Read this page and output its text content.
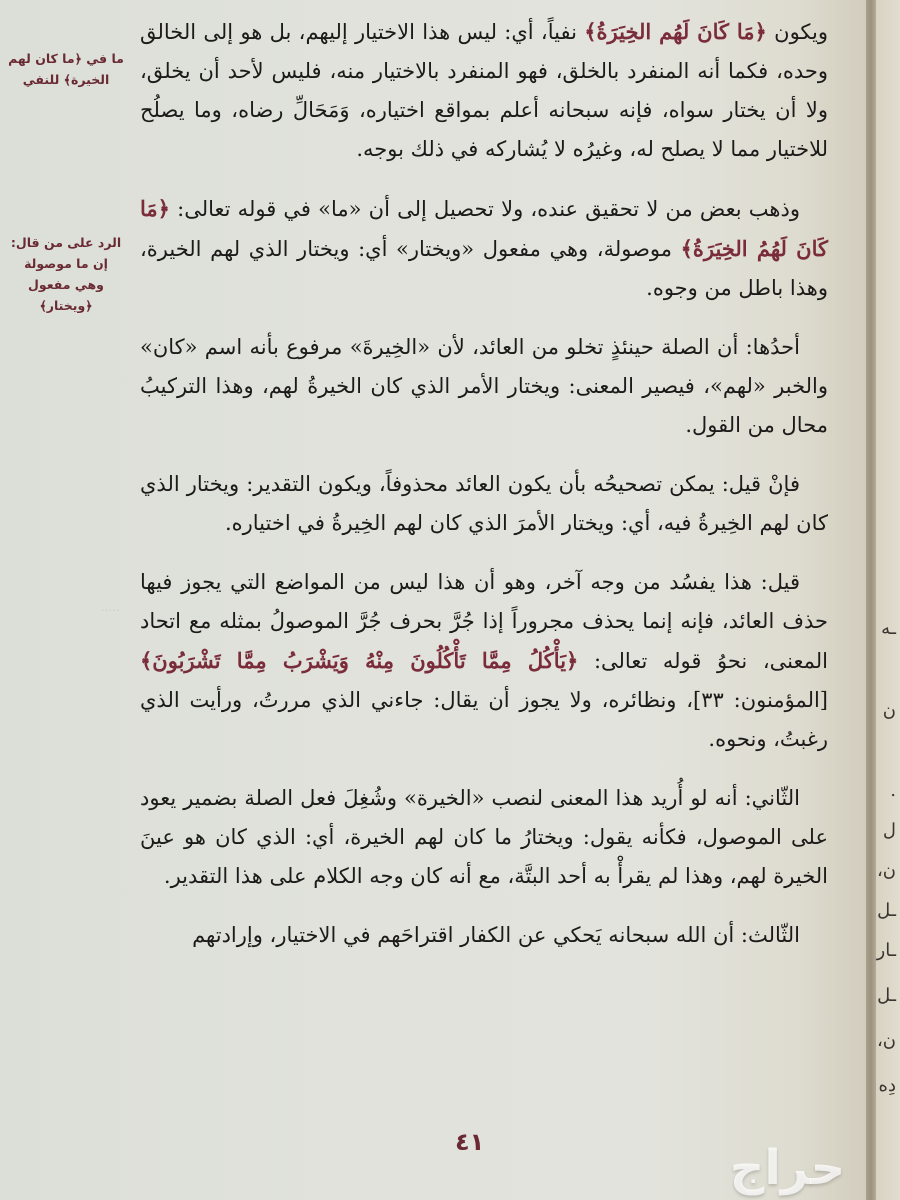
.....
ما في ﴿ما كان لهم الخيرة﴾ للنفي
الرد على من قال: إن ما موصولة وهي مفعول ﴿ويختار﴾

ويكون ﴿مَا كَانَ لَهُم الخِيَرَةُ﴾ نفياً، أي: ليس هذا الاختيار إليهم، بل هو إلى الخالق وحده، فكما أنه المنفرد بالخلق، فهو المنفرد بالاختيار منه، فليس لأحد أن يخلق، ولا أن يختار سواه، فإنه سبحانه أعلم بمواقع اختياره، وَمَحَالِّ رضاه، وما يصلُح للاختيار مما لا يصلح له، وغيرُه لا يُشاركه في ذلك بوجه.

وذهب بعض من لا تحقيق عنده، ولا تحصيل إلى أن «ما» في قوله تعالى: ﴿مَا كَانَ لَهُمُ الخِيَرَةُ﴾ موصولة، وهي مفعول «ويختار» أي: ويختار الذي لهم الخيرة، وهذا باطل من وجوه.

أحدُها: أن الصلة حينئذٍ تخلو من العائد، لأن «الخِيرةَ» مرفوع بأنه اسم «كان» والخبر «لهم»، فيصير المعنى: ويختار الأمر الذي كان الخيرةُ لهم، وهذا التركيبُ محال من القول.

فإنْ قيل: يمكن تصحيحُه بأن يكون العائد محذوفاً، ويكون التقدير: ويختار الذي كان لهم الخِيرةُ فيه، أي: ويختار الأمرَ الذي كان لهم الخِيرةُ في اختياره.

قيل: هذا يفسُد من وجه آخر، وهو أن هذا ليس من المواضع التي يجوز فيها حذف العائد، فإنه إنما يحذف مجروراً إذا جُرَّ بحرف جُرَّ الموصولُ بمثله مع اتحاد المعنى، نحوُ قوله تعالى: ﴿يَأْكُلُ مِمَّا تَأْكُلُونَ مِنْهُ وَيَشْرَبُ مِمَّا تَشْرَبُونَ﴾ [المؤمنون: ٣٣]، ونظائره، ولا يجوز أن يقال: جاءني الذي مررتُ، ورأيت الذي رغبتُ، ونحوه.

الثّاني: أنه لو أُريد هذا المعنى لنصب «الخيرة» وشُغِلَ فعل الصلة بضمير يعود على الموصول، فكأنه يقول: ويختارُ ما كان لهم الخيرة، أي: الذي كان هو عينَ الخيرة لهم، وهذا لم يقرأْ به أحد البتَّة، مع أنه كان وجه الكلام على هذا التقدير.

الثّالث: أن الله سبحانه يَحكي عن الكفار اقتراحَهم في الاختيار، وإرادتهم

٤١
ـه
ن
.
ل
ن،
ـل
ـار
ـل
ن،
دِه
حراج
